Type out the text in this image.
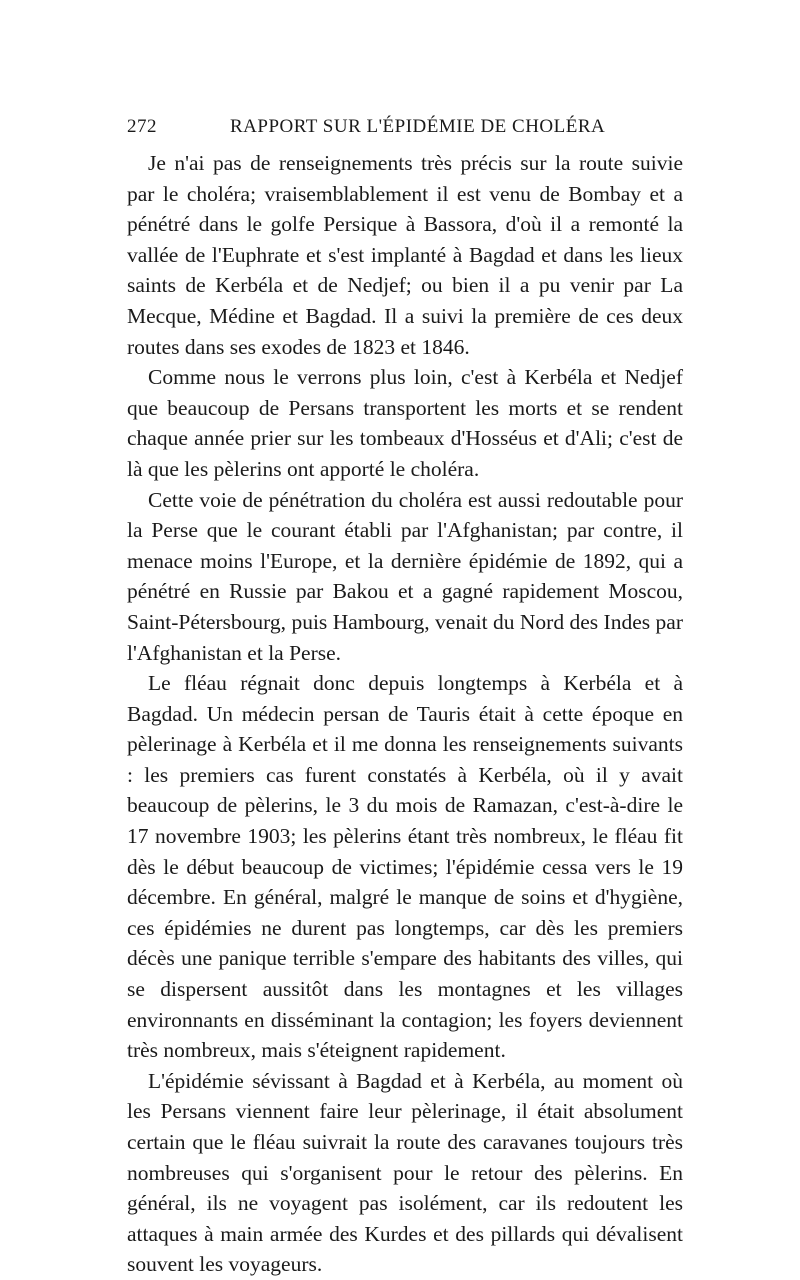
272	RAPPORT SUR L'ÉPIDÉMIE DE CHOLÉRA

Je n'ai pas de renseignements très précis sur la route suivie par le choléra; vraisemblablement il est venu de Bombay et a pénétré dans le golfe Persique à Bassora, d'où il a remonté la vallée de l'Euphrate et s'est implanté à Bagdad et dans les lieux saints de Kerbéla et de Nedjef; ou bien il a pu venir par La Mecque, Médine et Bagdad. Il a suivi la première de ces deux routes dans ses exodes de 1823 et 1846.

Comme nous le verrons plus loin, c'est à Kerbéla et Nedjef que beaucoup de Persans transportent les morts et se rendent chaque année prier sur les tombeaux d'Hosséus et d'Ali; c'est de là que les pèlerins ont apporté le choléra.

Cette voie de pénétration du choléra est aussi redoutable pour la Perse que le courant établi par l'Afghanistan; par contre, il menace moins l'Europe, et la dernière épidémie de 1892, qui a pénétré en Russie par Bakou et a gagné rapidement Moscou, Saint-Pétersbourg, puis Hambourg, venait du Nord des Indes par l'Afghanistan et la Perse.

Le fléau régnait donc depuis longtemps à Kerbéla et à Bagdad. Un médecin persan de Tauris était à cette époque en pèlerinage à Kerbéla et il me donna les renseignements suivants : les premiers cas furent constatés à Kerbéla, où il y avait beaucoup de pèlerins, le 3 du mois de Ramazan, c'est-à-dire le 17 novembre 1903; les pèlerins étant très nombreux, le fléau fit dès le début beaucoup de victimes; l'épidémie cessa vers le 19 décembre. En général, malgré le manque de soins et d'hygiène, ces épidémies ne durent pas longtemps, car dès les premiers décès une panique terrible s'empare des habitants des villes, qui se dispersent aussitôt dans les montagnes et les villages environnants en disséminant la contagion; les foyers deviennent très nombreux, mais s'éteignent rapidement.

L'épidémie sévissant à Bagdad et à Kerbéla, au moment où les Persans viennent faire leur pèlerinage, il était absolument certain que le fléau suivrait la route des caravanes toujours très nombreuses qui s'organisent pour le retour des pèlerins. En général, ils ne voyagent pas isolément, car ils redoutent les attaques à main armée des Kurdes et des pillards qui dévalisent souvent les voyageurs.
